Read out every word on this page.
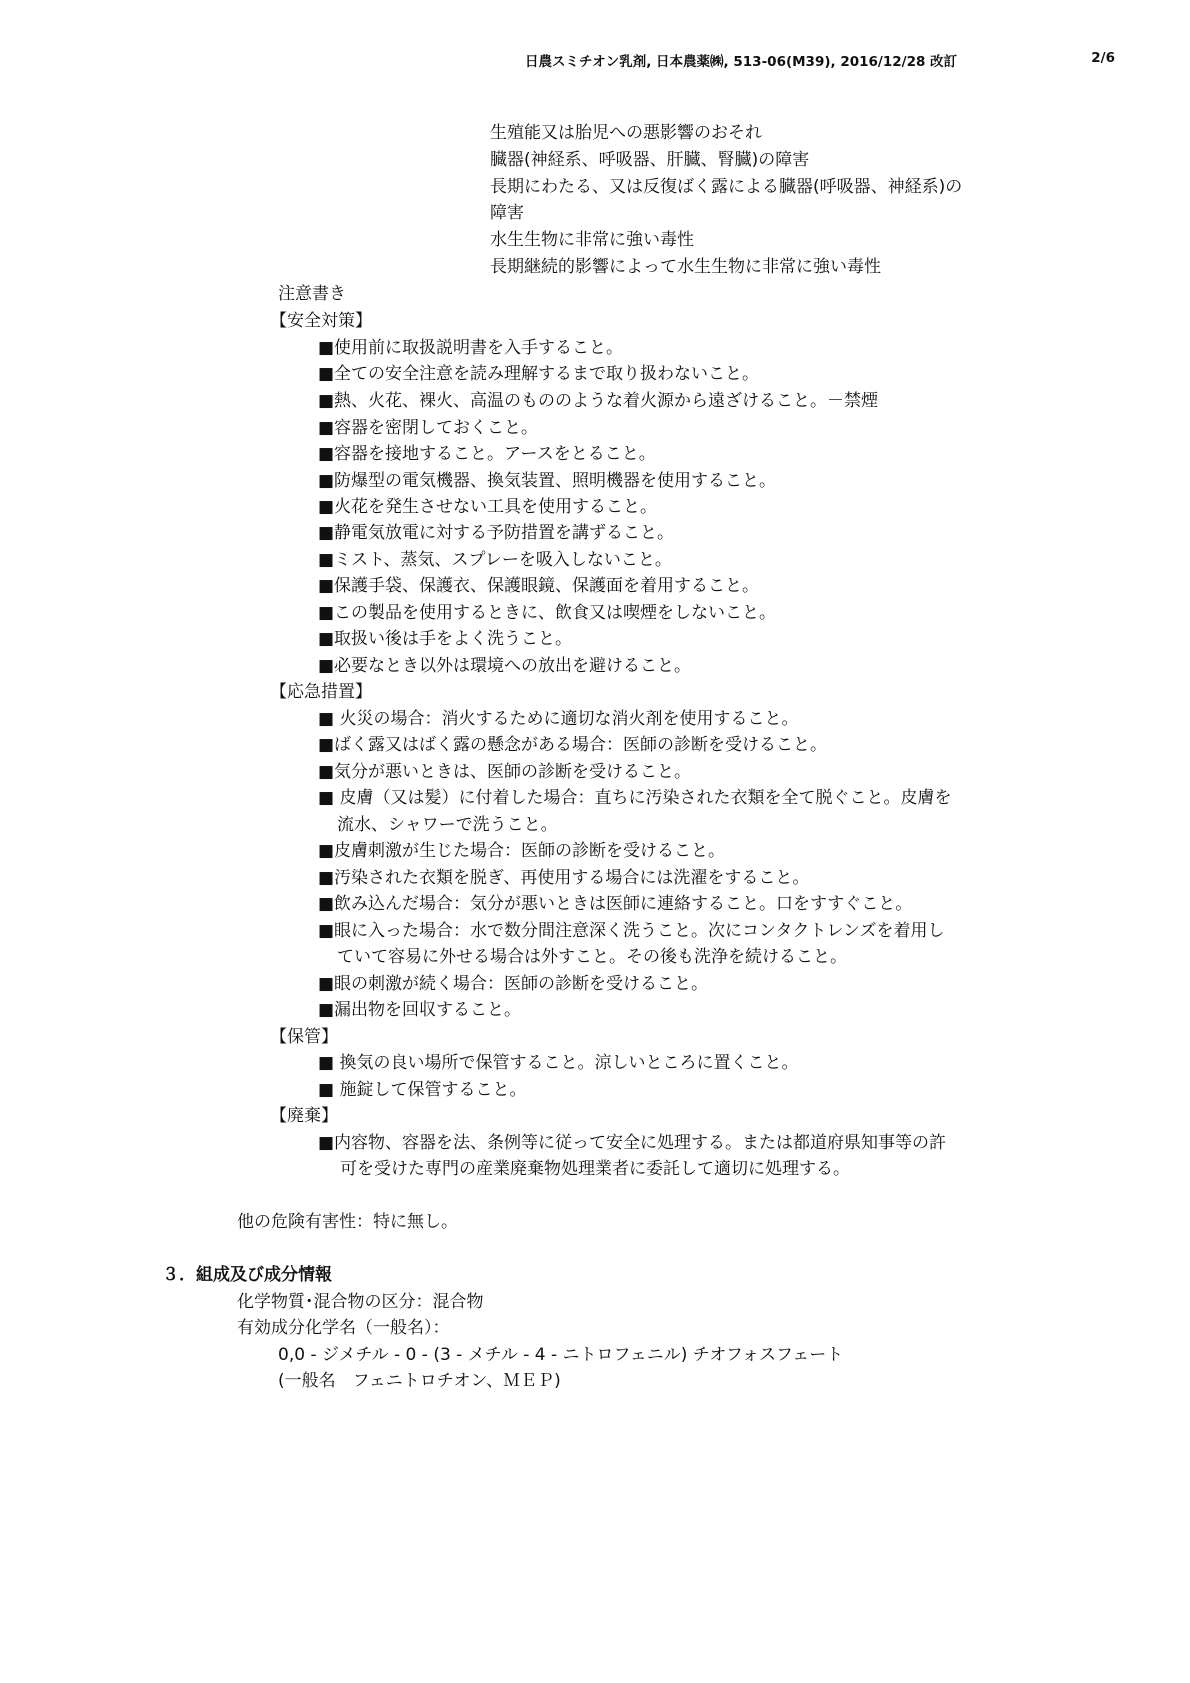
日農スミチオン乳剤, 日本農薬㈱, 513-06(M39), 2016/12/28 改訂	2/6
生殖能又は胎児への悪影響のおそれ
臓器(神経系、呼吸器、肝臓、腎臓)の障害
長期にわたる、又は反復ばく露による臓器(呼吸器、神経系)の
障害
水生生物に非常に強い毒性
長期継続的影響によって水生生物に非常に強い毒性
注意書き
【安全対策】
■使用前に取扱説明書を入手すること。
■全ての安全注意を読み理解するまで取り扱わないこと。
■熱、火花、裸火、高温のもののような着火源から遠ざけること。－禁煙
■容器を密閉しておくこと。
■容器を接地すること。アースをとること。
■防爆型の電気機器、換気装置、照明機器を使用すること。
■火花を発生させない工具を使用すること。
■静電気放電に対する予防措置を講ずること。
■ミスト、蒸気、スプレーを吸入しないこと。
■保護手袋、保護衣、保護眼鏡、保護面を着用すること。
■この製品を使用するときに、飲食又は喫煙をしないこと。
■取扱い後は手をよく洗うこと。
■必要なとき以外は環境への放出を避けること。
【応急措置】
■ 火災の場合：消火するために適切な消火剤を使用すること。
■ばく露又はばく露の懸念がある場合：医師の診断を受けること。
■気分が悪いときは、医師の診断を受けること。
■ 皮膚（又は髪）に付着した場合：直ちに汚染された衣類を全て脱ぐこと。皮膚を
流水、シャワーで洗うこと。
■皮膚刺激が生じた場合：医師の診断を受けること。
■汚染された衣類を脱ぎ、再使用する場合には洗濯をすること。
■飲み込んだ場合：気分が悪いときは医師に連絡すること。口をすすぐこと。
■眼に入った場合：水で数分間注意深く洗うこと。次にコンタクトレンズを着用し
ていて容易に外せる場合は外すこと。その後も洗浄を続けること。
■眼の刺激が続く場合：医師の診断を受けること。
■漏出物を回収すること。
【保管】
■ 換気の良い場所で保管すること。涼しいところに置くこと。
■ 施錠して保管すること。
【廃棄】
■内容物、容器を法、条例等に従って安全に処理する。または都道府県知事等の許
可を受けた専門の産業廃棄物処理業者に委託して適切に処理する。
他の危険有害性：特に無し。
３．組成及び成分情報
化学物質･混合物の区分：混合物
有効成分化学名（一般名）：
0,0 - ジメチル - 0 - (3 - メチル - 4 - ニトロフェニル) チオフォスフェート
(一般名　フェニトロチオン、ＭＥＰ)
